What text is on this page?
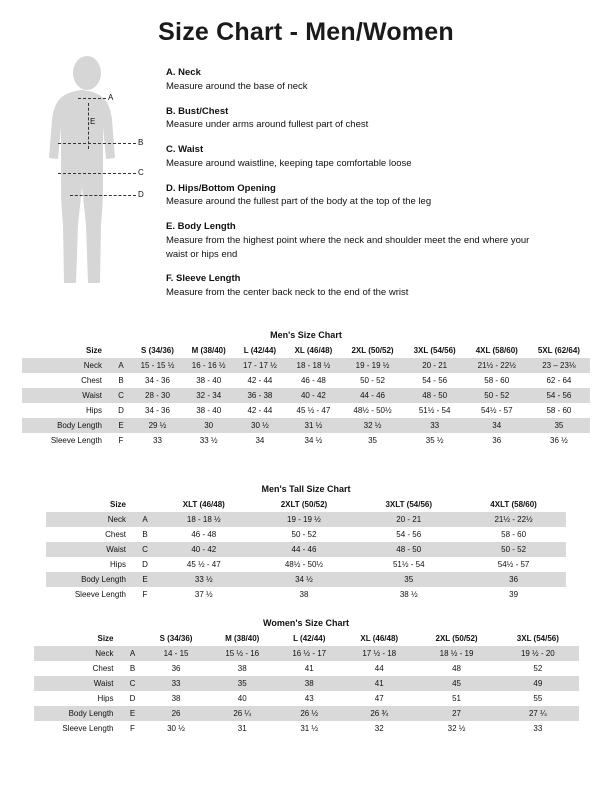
Size Chart - Men/Women
A
E
B
C
D
A. Neck
Measure around the base of neck
B. Bust/Chest
Measure under arms around fullest part of chest
C. Waist
Measure around waistline, keeping tape comfortable loose
D. Hips/Bottom Opening
Measure around the fullest part of the body at the top of the leg
E. Body Length
Measure from the highest point where the neck and shoulder meet the end where your waist or hips end
F. Sleeve Length
Measure from the center back neck to the end of the wrist
Men's Size Chart
Size		S (34/36)	M (38/40)	L (42/44)	XL (46/48)	2XL (50/52)	3XL (54/56)	4XL (58/60)	5XL (62/64)
Neck	A	15 - 15 ½	16 - 16 ½	17 - 17 ½	18 - 18 ½	19 - 19 ½	20 - 21	21½ - 22½	23 – 23⅛
Chest	B	34 - 36	38 - 40	42 - 44	46 - 48	50 - 52	54 - 56	58 - 60	62 - 64
Waist	C	28 - 30	32 - 34	36 - 38	40 - 42	44 - 46	48 - 50	50 - 52	54 - 56
Hips	D	34 - 36	38 - 40	42 - 44	45 ½ - 47	48½ - 50½	51½ - 54	54½ - 57	58 - 60
Body Length	E	29 ½	30	30 ½	31 ½	32 ½	33	34	35
Sleeve Length	F	33	33 ½	34	34 ½	35	35 ½	36	36 ½
Men's Tall Size Chart
Size		XLT (46/48)	2XLT (50/52)	3XLT (54/56)	4XLT (58/60)
Neck	A	18 - 18 ½	19 - 19 ½	20 - 21	21½ - 22½
Chest	B	46 - 48	50 - 52	54 - 56	58 - 60
Waist	C	40 - 42	44 - 46	48 - 50	50 - 52
Hips	D	45 ½ - 47	48½ - 50½	51½ - 54	54½ - 57
Body Length	E	33 ½	34 ½	35	36
Sleeve Length	F	37 ½	38	38 ½	39
Women's Size Chart
Size		S (34/36)	M (38/40)	L (42/44)	XL (46/48)	2XL (50/52)	3XL (54/56)
Neck	A	14 - 15	15 ½ - 16	16 ½ - 17	17 ½ - 18	18 ½ - 19	19 ½ - 20
Chest	B	36	38	41	44	48	52
Waist	C	33	35	38	41	45	49
Hips	D	38	40	43	47	51	55
Body Length	E	26	26 ¼	26 ½	26 ¾	27	27 ¼
Sleeve Length	F	30 ½	31	31 ½	32	32 ½	33
